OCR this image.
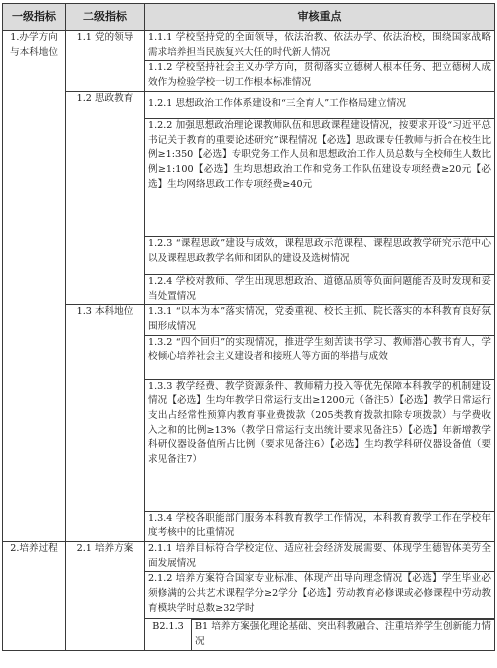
一级指标	二级指标	审核重点
1.办学方向与本科地位	1.1 党的领导	1.1.1 学校坚持党的全面领导，依法治教、依法办学、依法治校，围绕国家战略需求培养担当民族复兴大任的时代新人情况
1.1.2 学校坚持社会主义办学方向，贯彻落实立德树人根本任务、把立德树人成效作为检验学校一切工作根本标准情况
1.2 思政教育	1.2.1 思想政治工作体系建设和“三全育人”工作格局建立情况
1.2.2 加强思想政治理论课教师队伍和思政课程建设情况，按要求开设“习近平总书记关于教育的重要论述研究”课程情况【必选】思政课专任教师与折合在校生比例≥1:350【必选】专职党务工作人员和思想政治工作人员总数与全校师生人数比例≥1:100【必选】生均思想政治工作和党务工作队伍建设专项经费≥20元【必选】生均网络思政工作专项经费≥40元
1.2.3 “课程思政”建设与成效，课程思政示范课程、课程思政教学研究示范中心以及课程思政教学名师和团队的建设及选树情况
1.2.4 学校对教师、学生出现思想政治、道德品质等负面问题能否及时发现和妥当处置情况
1.3 本科地位	1.3.1 “以本为本”落实情况，党委重视、校长主抓、院长落实的本科教育良好氛围形成情况
1.3.2 “四个回归”的实现情况，推进学生刻苦读书学习、教师潜心教书育人，学校倾心培养社会主义建设者和接班人等方面的举措与成效
1.3.3 教学经费、教学资源条件、教师精力投入等优先保障本科教学的机制建设情况【必选】生均年教学日常运行支出≥1200元（备注5）【必选】教学日常运行支出占经常性预算内教育事业费拨款（205类教育拨款扣除专项拨款）与学费收入之和的比例≥13%（教学日常运行支出统计要求见备注5）【必选】年新增教学科研仪器设备值所占比例（要求见备注6）【必选】生均教学科研仪器设备值（要求见备注7）
1.3.4 学校各职能部门服务本科教育教学工作情况，本科教育教学工作在学校年度考核中的比重情况
2.培养过程	2.1 培养方案	2.1.1 培养目标符合学校定位、适应社会经济发展需要、体现学生德智体美劳全面发展情况
2.1.2 培养方案符合国家专业标准、体现产出导向理念情况【必选】学生毕业必须修满的公共艺术课程学分≥2学分【必选】劳动教育必修课或必修课程中劳动教育模块学时总数≥32学时

B2.1.3	B1 培养方案强化理论基础、突出科教融合、注重培养学生创新能力情况
